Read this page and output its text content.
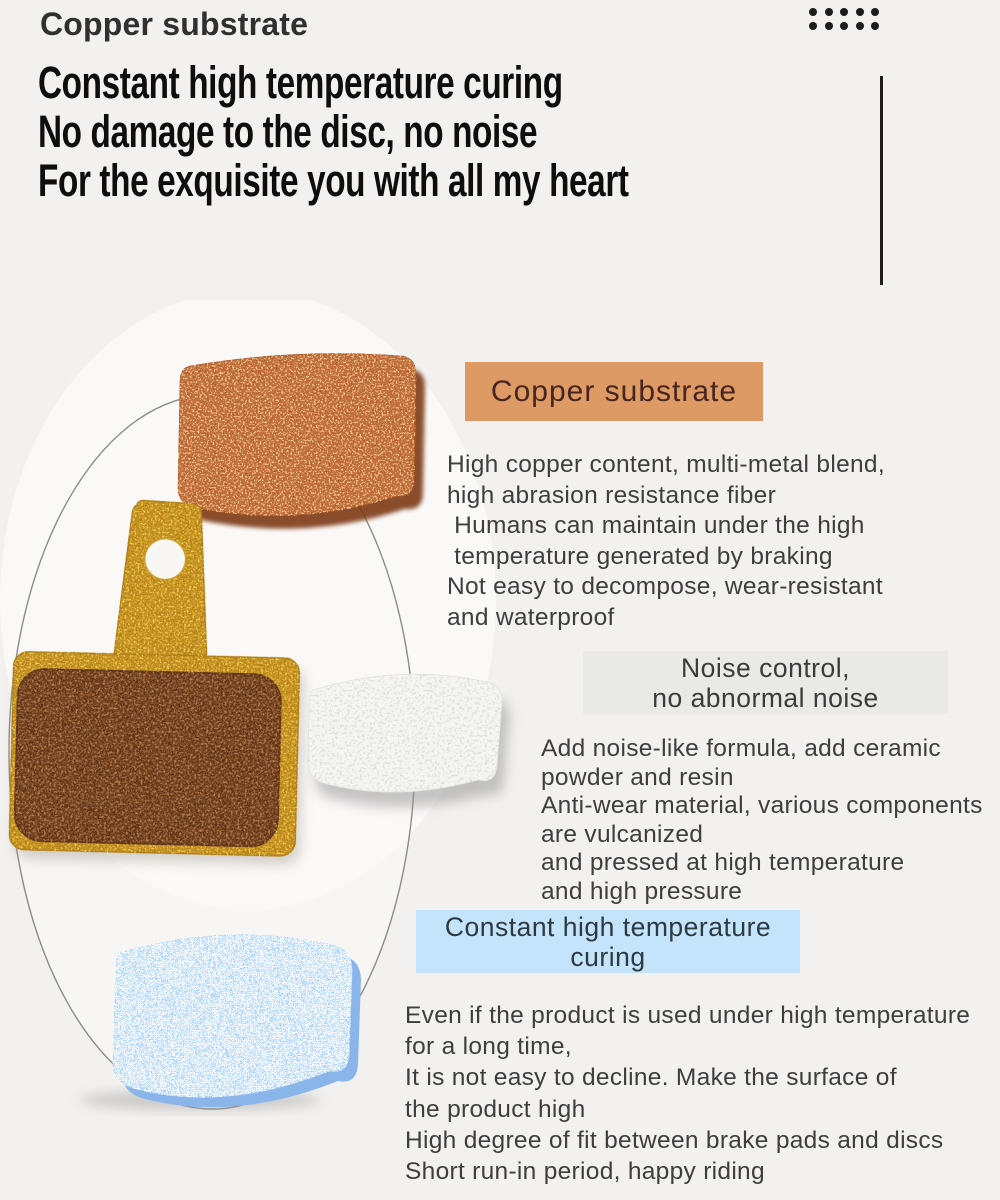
Copper substrate
Constant high temperature curing
No damage to the disc, no noise
For the exquisite you with all my heart
Copper substrate
High copper content, multi-metal blend,
high abrasion resistance fiber
Humans can maintain under the high
temperature generated by braking
Not easy to decompose, wear-resistant
and waterproof
Noise control,
no abnormal noise
Add noise-like formula, add ceramic
powder and resin
Anti-wear material, various components
are vulcanized
and pressed at high temperature
and high pressure
Constant high temperature
curing
Even if the product is used under high temperature
for a long time,
It is not easy to decline. Make the surface of
the product high
High degree of fit between brake pads and discs
Short run-in period, happy riding
